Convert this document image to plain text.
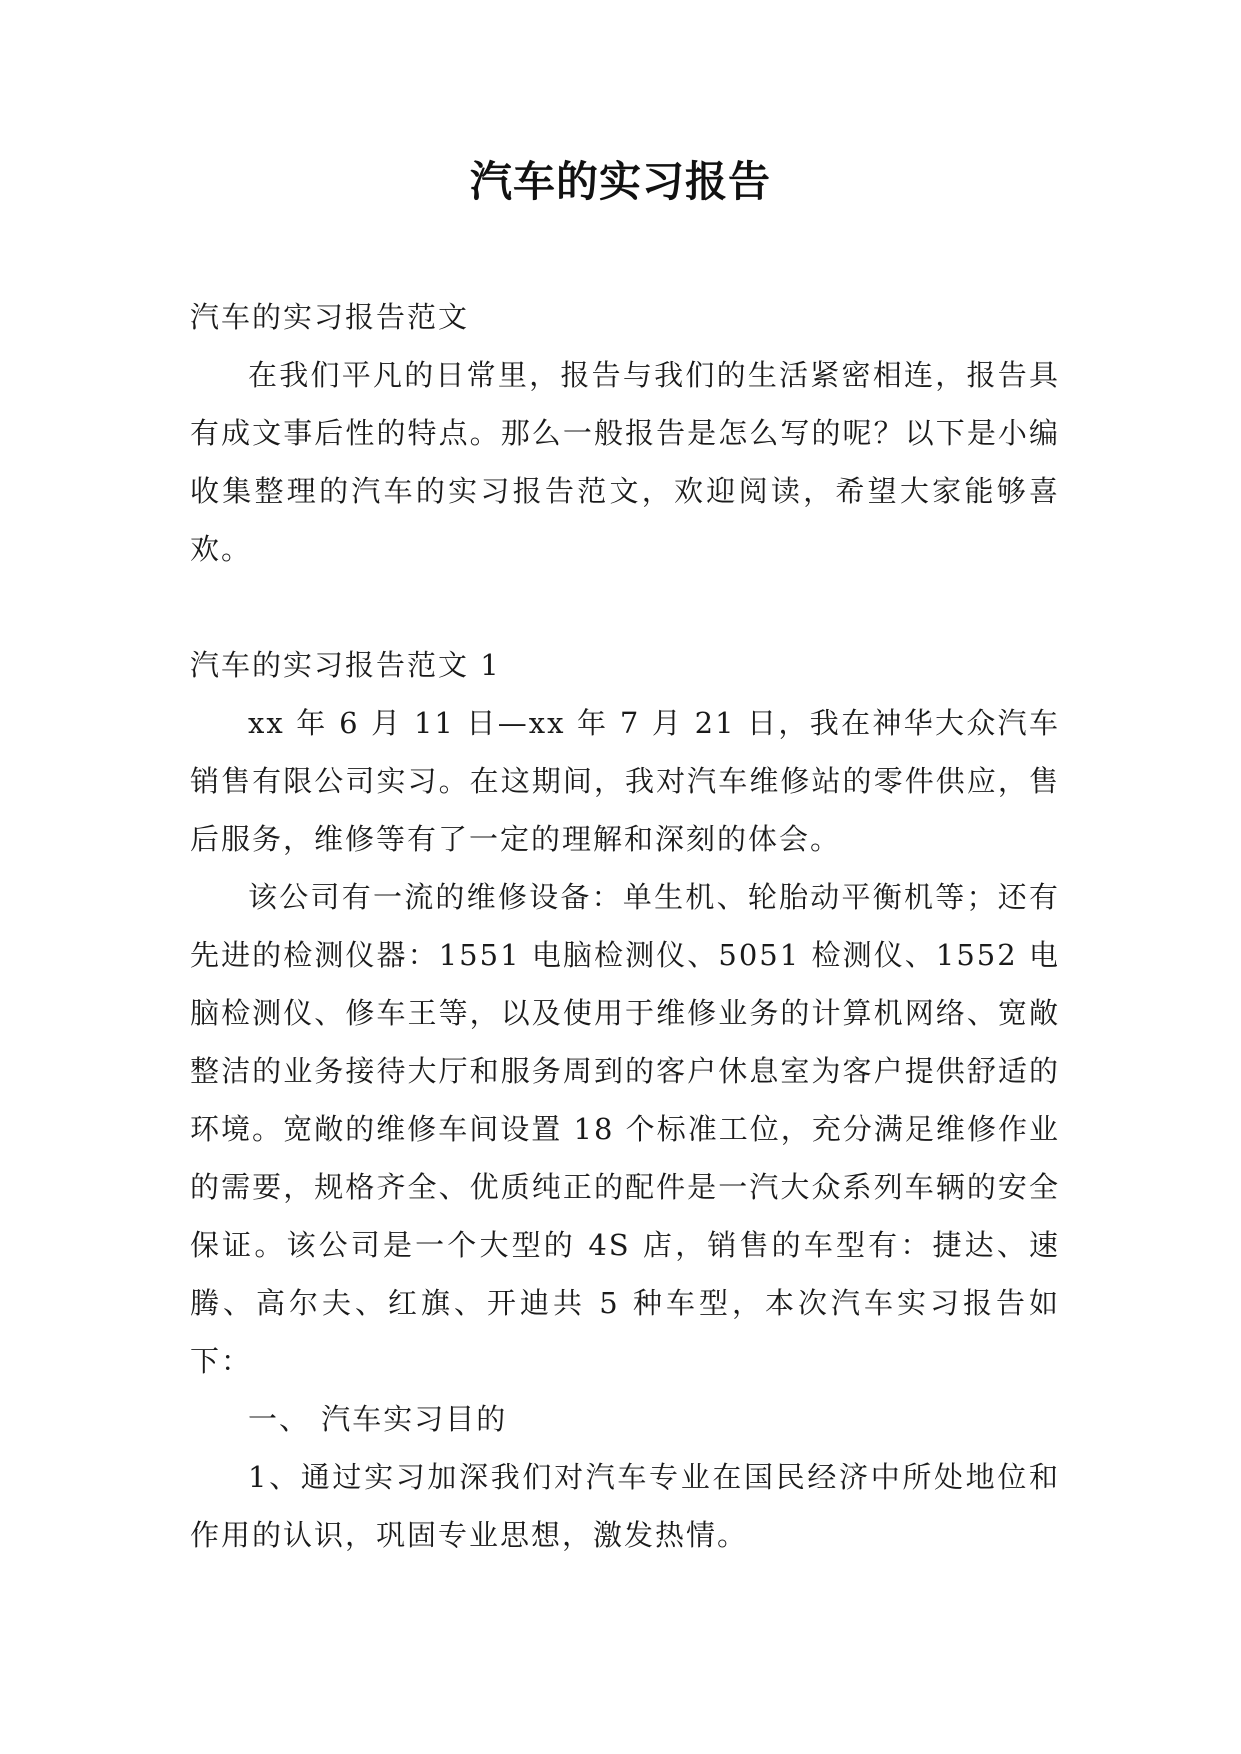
汽车的实习报告

汽车的实习报告范文

在我们平凡的日常里，报告与我们的生活紧密相连，报告具有成文事后性的特点。那么一般报告是怎么写的呢？以下是小编收集整理的汽车的实习报告范文，欢迎阅读，希望大家能够喜欢。

汽车的实习报告范文 1

xx 年 6 月 11 日—xx 年 7 月 21 日，我在神华大众汽车销售有限公司实习。在这期间，我对汽车维修站的零件供应，售后服务，维修等有了一定的理解和深刻的体会。

该公司有一流的维修设备：单生机、轮胎动平衡机等；还有先进的检测仪器：1551 电脑检测仪、5051 检测仪、1552 电脑检测仪、修车王等，以及使用于维修业务的计算机网络、宽敞整洁的业务接待大厅和服务周到的客户休息室为客户提供舒适的环境。宽敞的维修车间设置 18 个标准工位，充分满足维修作业的需要，规格齐全、优质纯正的配件是一汽大众系列车辆的安全保证。该公司是一个大型的 4S 店，销售的车型有：捷达、速腾、高尔夫、红旗、开迪共 5 种车型，本次汽车实习报告如下：

一、 汽车实习目的

1、通过实习加深我们对汽车专业在国民经济中所处地位和作用的认识，巩固专业思想，激发热情。
